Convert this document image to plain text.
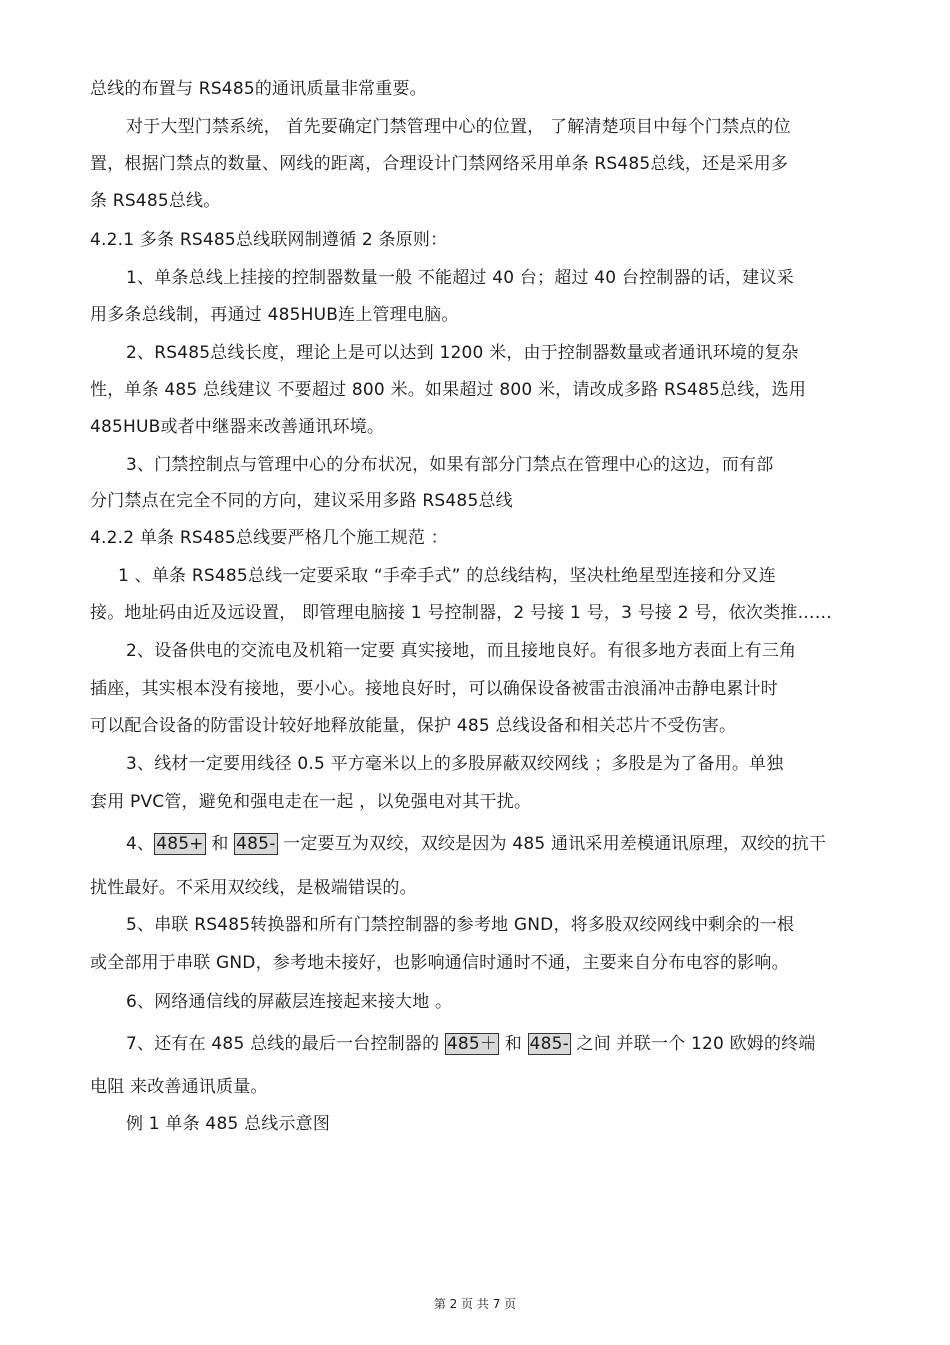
总线的布置与 RS485的通讯质量非常重要。
对于大型门禁系统， 首先要确定门禁管理中心的位置， 了解清楚项目中每个门禁点的位
置，根据门禁点的数量、网线的距离，合理设计门禁网络采用单条 RS485总线，还是采用多
条 RS485总线。
4.2.1 多条 RS485总线联网制遵循 2 条原则：
1、单条总线上挂接的控制器数量一般 不能超过 40 台；超过 40 台控制器的话，建议采
用多条总线制，再通过 485HUB连上管理电脑。
2、RS485总线长度，理论上是可以达到 1200 米，由于控制器数量或者通讯环境的复杂
性，单条 485 总线建议 不要超过 800 米。如果超过 800 米，请改成多路 RS485总线，选用
485HUB或者中继器来改善通讯环境。
3、门禁控制点与管理中心的分布状况，如果有部分门禁点在管理中心的这边，而有部
分门禁点在完全不同的方向，建议采用多路 RS485总线
4.2.2 单条 RS485总线要严格几个施工规范 ：
1 、单条 RS485总线一定要采取 “手牵手式” 的总线结构，坚决杜绝星型连接和分叉连
接。地址码由近及远设置， 即管理电脑接 1 号控制器，2 号接 1 号，3 号接 2 号，依次类推……
2、设备供电的交流电及机箱一定要 真实接地，而且接地良好。有很多地方表面上有三角
插座，其实根本没有接地，要小心。接地良好时，可以确保设备被雷击浪涌冲击静电累计时
可以配合设备的防雷设计较好地释放能量，保护 485 总线设备和相关芯片不受伤害。
3、线材一定要用线径 0.5 平方毫米以上的多股屏蔽双绞网线 ；多股是为了备用。单独
套用 PVC管，避免和强电走在一起 ，以免强电对其干扰。
4、 485+ 和 485- 一定要互为双绞，双绞是因为 485 通讯采用差模通讯原理，双绞的抗干
扰性最好。不采用双绞线，是极端错误的。
5、串联 RS485转换器和所有门禁控制器的参考地 GND，将多股双绞网线中剩余的一根
或全部用于串联 GND，参考地未接好，也影响通信时通时不通，主要来自分布电容的影响。
6、网络通信线的屏蔽层连接起来接大地 。
7、还有在 485 总线的最后一台控制器的 485＋ 和 485- 之间 并联一个 120 欧姆的终端
电阻 来改善通讯质量。
例 1 单条 485 总线示意图
第 2 页 共 7 页
